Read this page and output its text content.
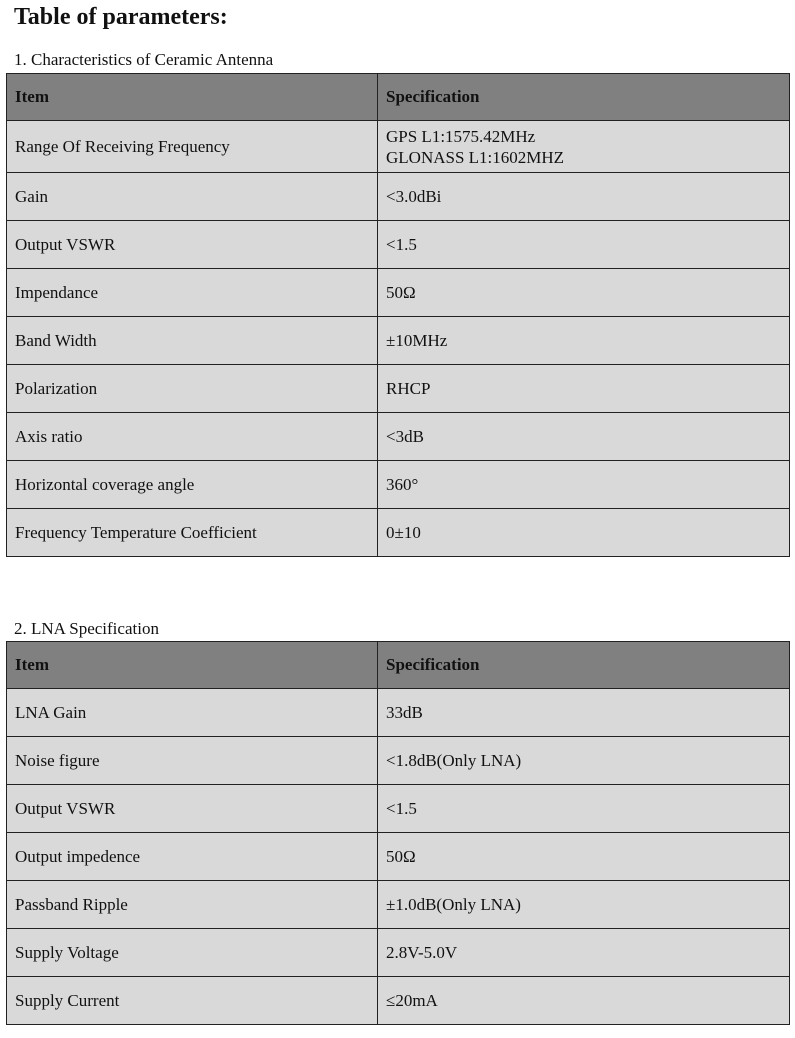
Table of parameters:
1. Characteristics of Ceramic Antenna
Item	Specification
Range Of Receiving Frequency	GPS L1:1575.42MHz
GLONASS L1:1602MHZ

Gain	<3.0dBi
Output VSWR	<1.5
Impendance	50Ω
Band Width	±10MHz
Polarization	RHCP
Axis ratio	<3dB
Horizontal coverage angle	360°
Frequency Temperature Coefficient	0±10
2. LNA Specification
Item	Specification
LNA Gain	33dB
Noise figure	<1.8dB(Only LNA)
Output VSWR	<1.5
Output impedence	50Ω
Passband Ripple	±1.0dB(Only LNA)
Supply Voltage	2.8V-5.0V
Supply Current	≤20mA
